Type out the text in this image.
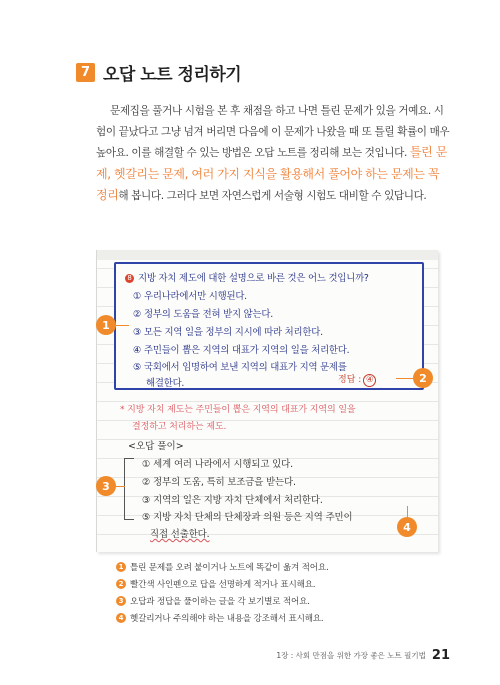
7 오답 노트 정리하기

문제집을 풀거나 시험을 본 후 채점을 하고 나면 틀린 문제가 있을 거예요. 시험이 끝났다고 그냥 넘겨 버리면 다음에 이 문제가 나왔을 때 또 틀릴 확률이 매우 높아요. 이를 해결할 수 있는 방법은 오답 노트를 정리해 보는 것입니다. 틀린 문제, 헷갈리는 문제, 여러 가지 지식을 활용해서 풀어야 하는 문제는 꼭 정리해 봅니다. 그러다 보면 자연스럽게 서술형 시험도 대비할 수 있답니다.

8 지방 자치 제도에 대한 설명으로 바른 것은 어느 것입니까?
① 우리나라에서만 시행된다.
② 정부의 도움을 전혀 받지 않는다.
③ 모든 지역 일을 정부의 지시에 따라 처리한다.
④ 주민들이 뽑은 지역의 대표가 지역의 일을 처리한다.
⑤ 국회에서 임명하여 보낸 지역의 대표가 지역 문제를
해결한다.	정답 : ④
* 지방 자치 제도는 주민들이 뽑은 지역의 대표가 지역의 일을
결정하고 처리하는 제도.
<오답 풀이>
① 세계 여러 나라에서 시행되고 있다.
② 정부의 도움, 특히 보조금을 받는다.
③ 지역의 일은 지방 자치 단체에서 처리한다.
⑤ 지방 자치 단체의 단체장과 의원 등은 지역 주민이
직접 선출한다.
1
2
3
4
1 틀린 문제를 오려 붙이거나 노트에 똑같이 옮겨 적어요.
2 빨간색 사인펜으로 답을 선명하게 적거나 표시해요.
3 오답과 정답을 풀이하는 글을 각 보기별로 적어요.
4 헷갈리거나 주의해야 하는 내용을 강조해서 표시해요.
1장 : 사회 만점을 위한 가장 좋은 노트 필기법 21
